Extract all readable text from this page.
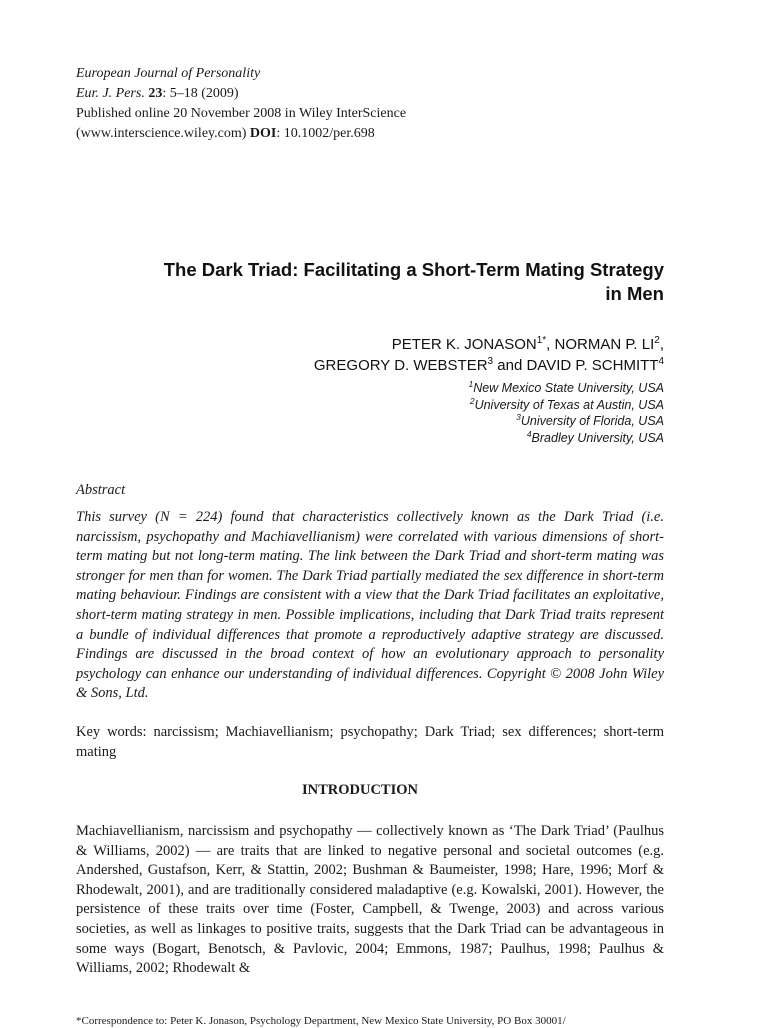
European Journal of Personality
Eur. J. Pers. 23: 5–18 (2009)
Published online 20 November 2008 in Wiley InterScience
(www.interscience.wiley.com) DOI: 10.1002/per.698
The Dark Triad: Facilitating a Short-Term Mating Strategy
in Men
PETER K. $JONASON^{1*}$, NORMAN P. $LI^2$,
GREGORY D. WEBSTER$^3$ and DAVID P. SCHMITT$^4$
$^1$New Mexico State University, USA
$^2$University of Texas at Austin, USA
$^3$University of Florida, USA
$^4$Bradley University, USA
Abstract
This survey (N = 224) found that characteristics collectively known as the Dark Triad (i.e. narcissism, psychopathy and Machiavellianism) were correlated with various dimensions of short-term mating but not long-term mating. The link between the Dark Triad and short-term mating was stronger for men than for women. The Dark Triad partially mediated the sex difference in short-term mating behaviour. Findings are consistent with a view that the Dark Triad facilitates an exploitative, short-term mating strategy in men. Possible implications, including that Dark Triad traits represent a bundle of individual differences that promote a reproductively adaptive strategy are discussed. Findings are discussed in the broad context of how an evolutionary approach to personality psychology can enhance our understanding of individual differences. Copyright © 2008 John Wiley & Sons, Ltd.
Key words: narcissism; Machiavellianism; psychopathy; Dark Triad; sex differences; short-term mating
INTRODUCTION
Machiavellianism, narcissism and psychopathy — collectively known as ‘The Dark Triad’ (Paulhus & Williams, 2002) — are traits that are linked to negative personal and societal outcomes (e.g. Andershed, Gustafson, Kerr, & Stattin, 2002; Bushman & Baumeister, 1998; Hare, 1996; Morf & Rhodewalt, 2001), and are traditionally considered maladaptive (e.g. Kowalski, 2001). However, the persistence of these traits over time (Foster, Campbell, & Twenge, 2003) and across various societies, as well as linkages to positive traits, suggests that the Dark Triad can be advantageous in some ways (Bogart, Benotsch, & Pavlovic, 2004; Emmons, 1987; Paulhus, 1998; Paulhus & Williams, 2002; Rhodewalt &
*Correspondence to: Peter K. Jonason, Psychology Department, New Mexico State University, PO Box 30001/
